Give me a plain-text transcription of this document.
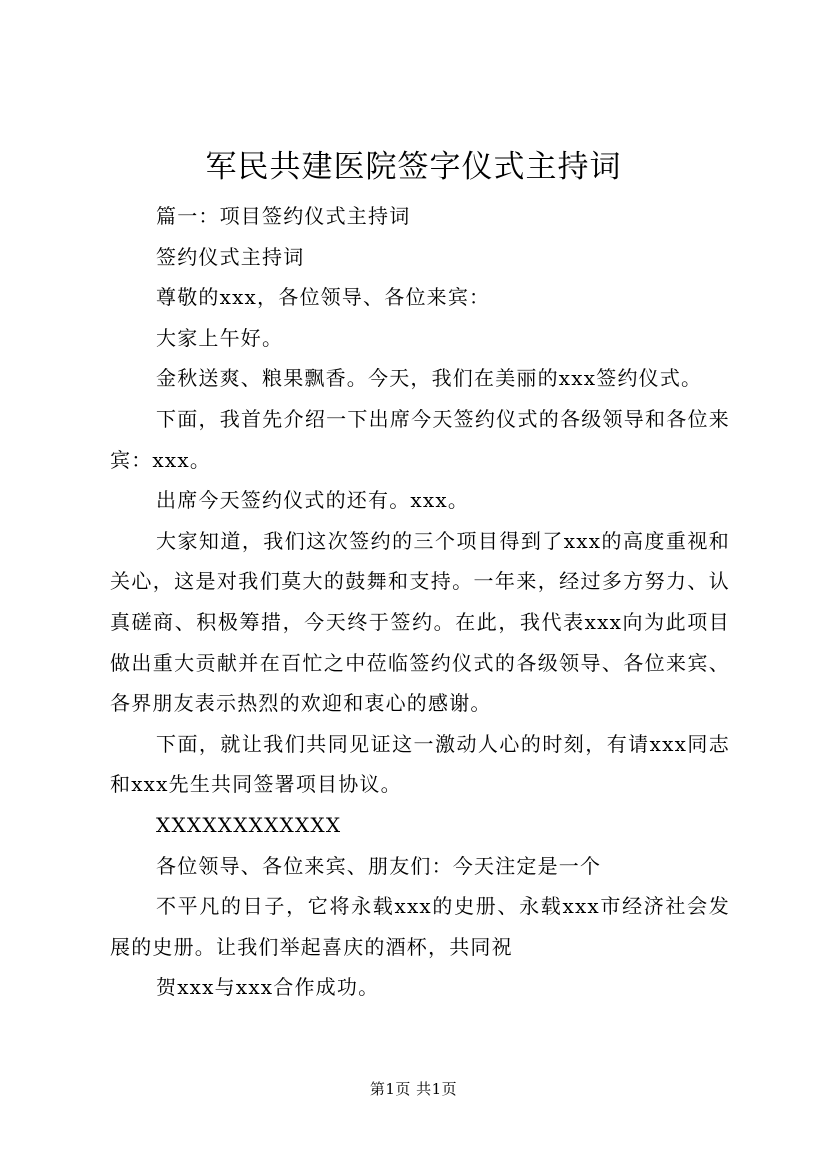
军民共建医院签字仪式主持词

篇一：项目签约仪式主持词

签约仪式主持词

尊敬的xxx，各位领导、各位来宾：

大家上午好。

金秋送爽、粮果飘香。今天，我们在美丽的xxx签约仪式。

下面，我首先介绍一下出席今天签约仪式的各级领导和各位来宾：xxx。

出席今天签约仪式的还有。xxx。

大家知道，我们这次签约的三个项目得到了xxx的高度重视和关心，这是对我们莫大的鼓舞和支持。一年来，经过多方努力、认真磋商、积极筹措，今天终于签约。在此，我代表xxx向为此项目做出重大贡献并在百忙之中莅临签约仪式的各级领导、各位来宾、各界朋友表示热烈的欢迎和衷心的感谢。

下面，就让我们共同见证这一激动人心的时刻，有请xxx同志和xxx先生共同签署项目协议。

XXXXXXXXXXXX

各位领导、各位来宾、朋友们：今天注定是一个

不平凡的日子，它将永载xxx的史册、永载xxx市经济社会发展的史册。让我们举起喜庆的酒杯，共同祝

贺xxx与xxx合作成功。

第1页 共1页
